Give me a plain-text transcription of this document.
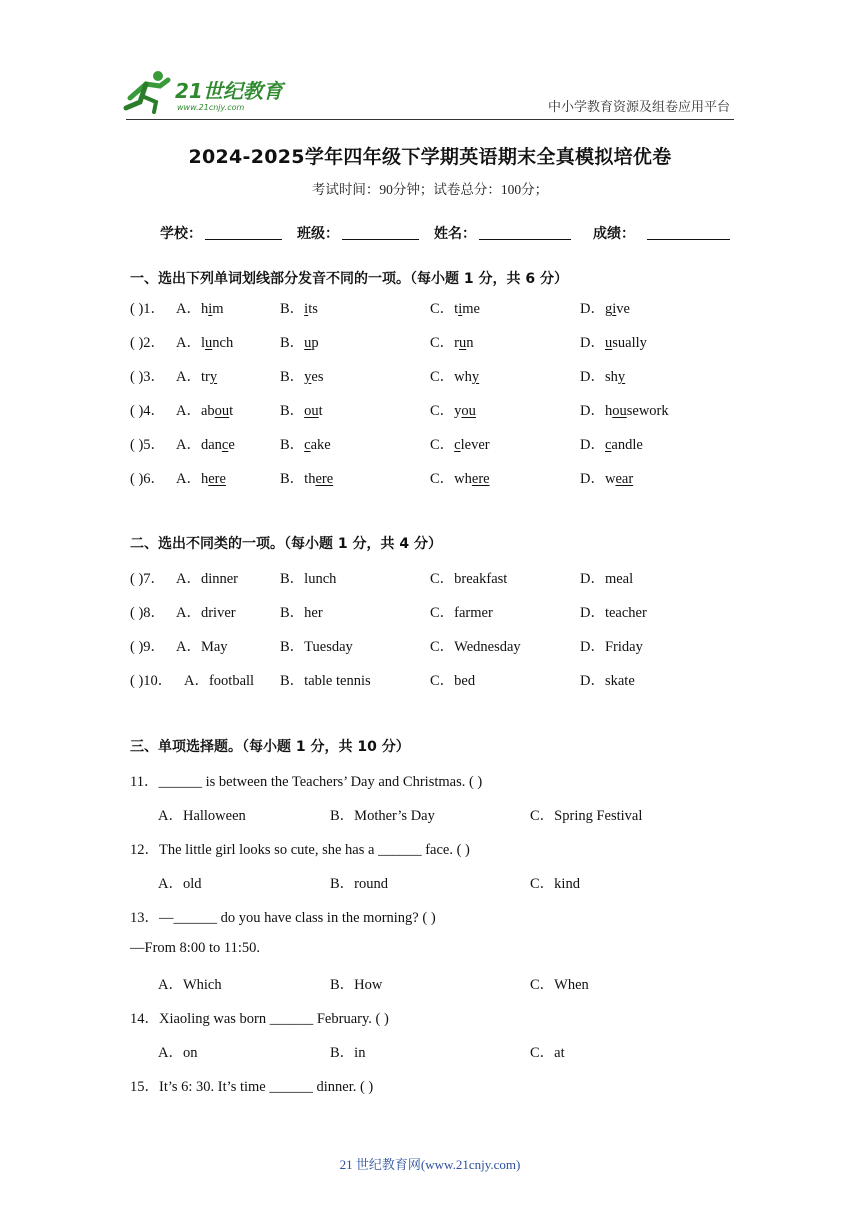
21世纪教育
www.21cnjy.com	中小学教育资源及组卷应用平台
2024-2025学年四年级下学期英语期末全真模拟培优卷
考试时间：90分钟；试卷总分：100分；
学校：	班级：	姓名：	成绩：
一、选出下列单词划线部分发音不同的一项。（每小题 1 分，共 6 分）
( )1． A．him	B．its	C．time	D．give
( )2． A．lunch	B．up	C．run	D．usually
( )3． A．try	B．yes	C．why	D．shy
( )4． A．about	B．out	C．you	D．housework
( )5． A．dance	B．cake	C．clever	D．candle
( )6． A．here	B．there	C．where	D．wear
二、选出不同类的一项。（每小题 1 分，共 4 分）
( )7． A．dinner	B．lunch	C．breakfast	D．meal
( )8． A．driver	B．her	C．farmer	D．teacher
( )9． A．May	B．Tuesday	C．Wednesday	D．Friday
( )10． A．football B．table tennis	C．bed	D．skate
三、单项选择题。（每小题 1 分，共 10 分）
11．______ is between the Teachers’ Day and Christmas. ( )
A．Halloween	B．Mother’s Day	C．Spring Festival
12．The little girl looks so cute, she has a ______ face. ( )
A．old	B．round	C．kind
13．—______ do you have class in the morning? ( )
—From 8:00 to 11:50.
A．Which	B．How	C．When
14．Xiaoling was born ______ February. ( )
A．on	B．in	C．at
15．It’s 6: 30. It’s time ______ dinner. ( )
21 世纪教育网(www.21cnjy.com)
